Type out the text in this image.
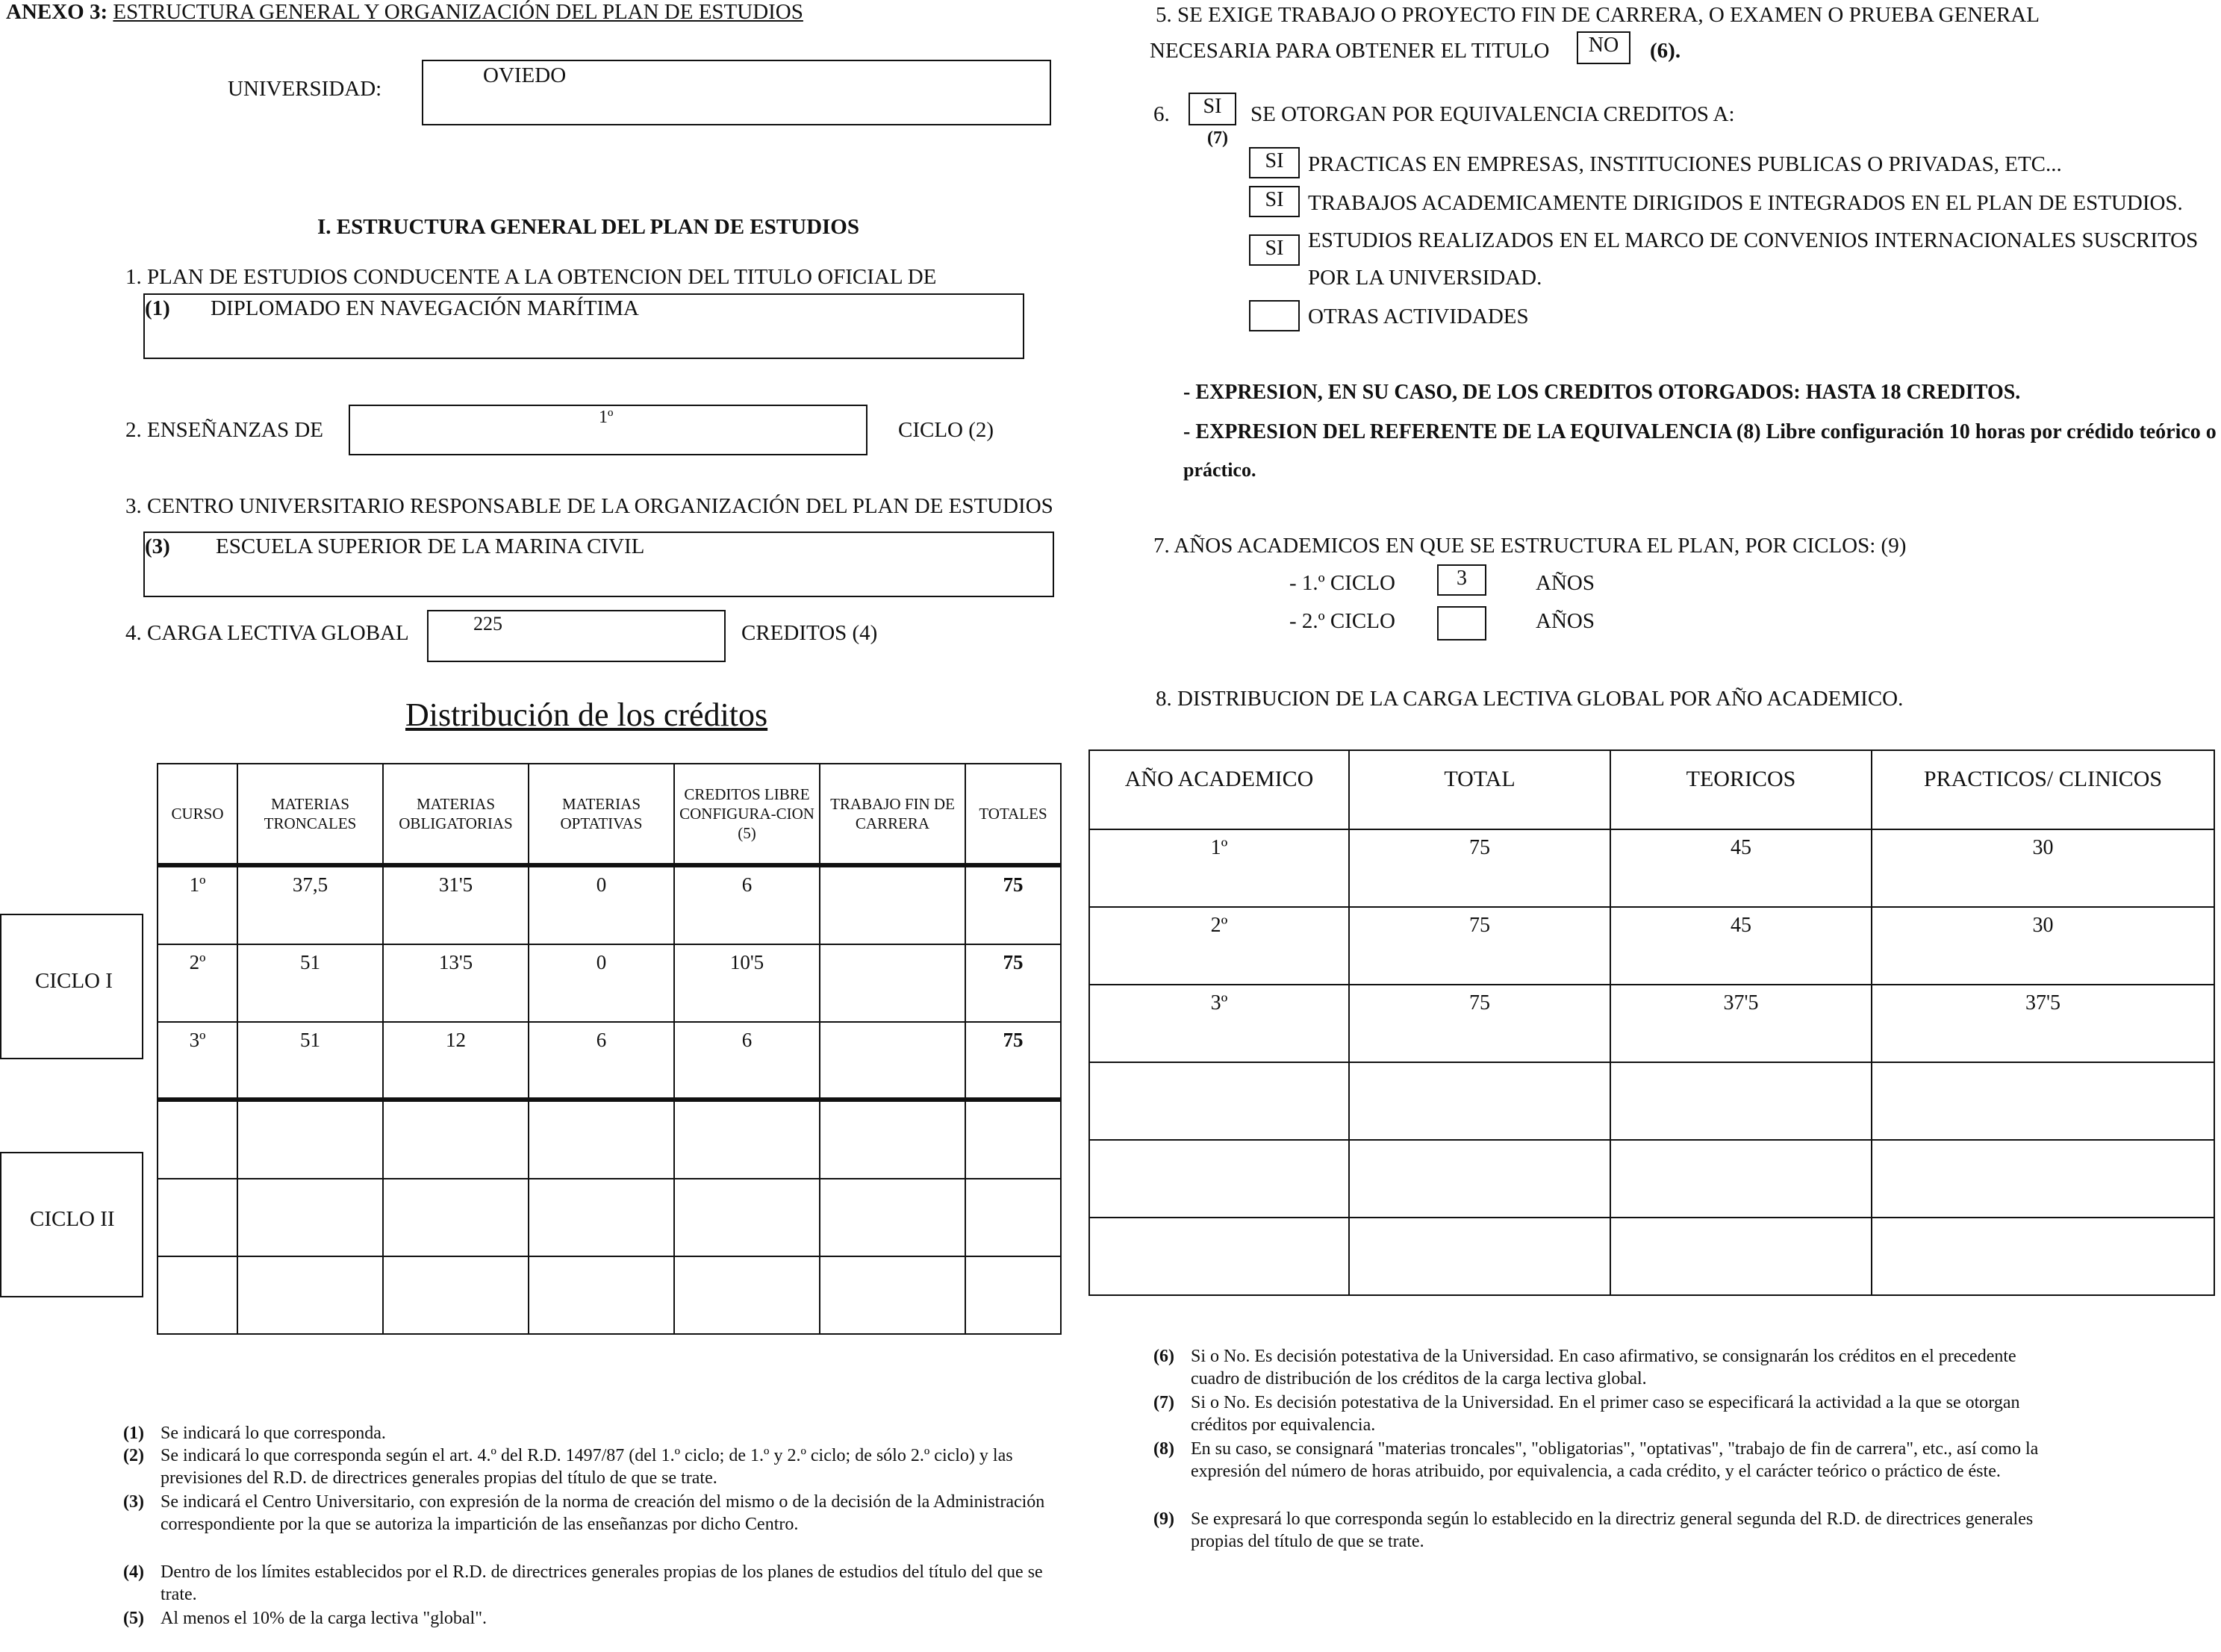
ANEXO 3: ESTRUCTURA GENERAL Y ORGANIZACIÓN DEL PLAN DE ESTUDIOS
UNIVERSIDAD:
OVIEDO
I. ESTRUCTURA GENERAL DEL PLAN DE ESTUDIOS
1. PLAN DE ESTUDIOS CONDUCENTE A LA OBTENCION DEL TITULO OFICIAL DE
(1) DIPLOMADO EN NAVEGACIÓN MARÍTIMA
2. ENSEÑANZAS DE
1º
CICLO (2)
3. CENTRO UNIVERSITARIO RESPONSABLE DE LA ORGANIZACIÓN DEL PLAN DE ESTUDIOS
(3) ESCUELA SUPERIOR DE LA MARINA CIVIL
4. CARGA LECTIVA GLOBAL	225	CREDITOS (4)
Distribución de los créditos
CURSO	MATERIAS TRONCALES	MATERIAS OBLIGATORIAS	MATERIAS OPTATIVAS	CREDITOS LIBRE CONFIGURA-CION (5)	TRABAJO FIN DE CARRERA	TOTALES
1º	37,5	31'5	0	6		75
2º	51	13'5	0	10'5		75
3º	51	12	6	6		75

CICLO I
CICLO II
(1) Se indicará lo que corresponda.
(2) Se indicará lo que corresponda según el art. 4.º del R.D. 1497/87 (del 1.º ciclo; de 1.º y 2.º ciclo; de sólo 2.º ciclo) y las previsiones del R.D. de directrices generales propias del título de que se trate.
(3) Se indicará el Centro Universitario, con expresión de la norma de creación del mismo o de la decisión de la Administración correspondiente por la que se autoriza la impartición de las enseñanzas por dicho Centro.
(4) Dentro de los límites establecidos por el R.D. de directrices generales propias de los planes de estudios del título del que se trate.
(5) Al menos el 10% de la carga lectiva "global".
5. SE EXIGE TRABAJO O PROYECTO FIN DE CARRERA, O EXAMEN O PRUEBA GENERAL
NECESARIA PARA OBTENER EL TITULO	NO	(6).
6.	SI	SE OTORGAN POR EQUIVALENCIA CREDITOS A:
(7)
SI	PRACTICAS EN EMPRESAS, INSTITUCIONES PUBLICAS O PRIVADAS, ETC...
SI	TRABAJOS ACADEMICAMENTE DIRIGIDOS E INTEGRADOS EN EL PLAN DE ESTUDIOS.
SI	ESTUDIOS REALIZADOS EN EL MARCO DE CONVENIOS INTERNACIONALES SUSCRITOS
POR LA UNIVERSIDAD.
OTRAS ACTIVIDADES
- EXPRESION, EN SU CASO, DE LOS CREDITOS OTORGADOS: HASTA 18 CREDITOS.
- EXPRESION DEL REFERENTE DE LA EQUIVALENCIA (8) Libre configuración 10 horas por crédido teórico o
práctico.
7. AÑOS ACADEMICOS EN QUE SE ESTRUCTURA EL PLAN, POR CICLOS: (9)
- 1.º CICLO	3	AÑOS
- 2.º CICLO	AÑOS
8. DISTRIBUCION DE LA CARGA LECTIVA GLOBAL POR AÑO ACADEMICO.
AÑO ACADEMICO	TOTAL	TEORICOS	PRACTICOS/ CLINICOS
1º	75	45	30
2º	75	45	30
3º	75	37'5	37'5

(6) Si o No. Es decisión potestativa de la Universidad. En caso afirmativo, se consignarán los créditos en el precedente cuadro de distribución de los créditos de la carga lectiva global.
(7) Si o No. Es decisión potestativa de la Universidad. En el primer caso se especificará la actividad a la que se otorgan créditos por equivalencia.
(8) En su caso, se consignará "materias troncales", "obligatorias", "optativas", "trabajo de fin de carrera", etc., así como la expresión del número de horas atribuido, por equivalencia, a cada crédito, y el carácter teórico o práctico de éste.
(9) Se expresará lo que corresponda según lo establecido en la directriz general segunda del R.D. de directrices generales propias del título de que se trate.
